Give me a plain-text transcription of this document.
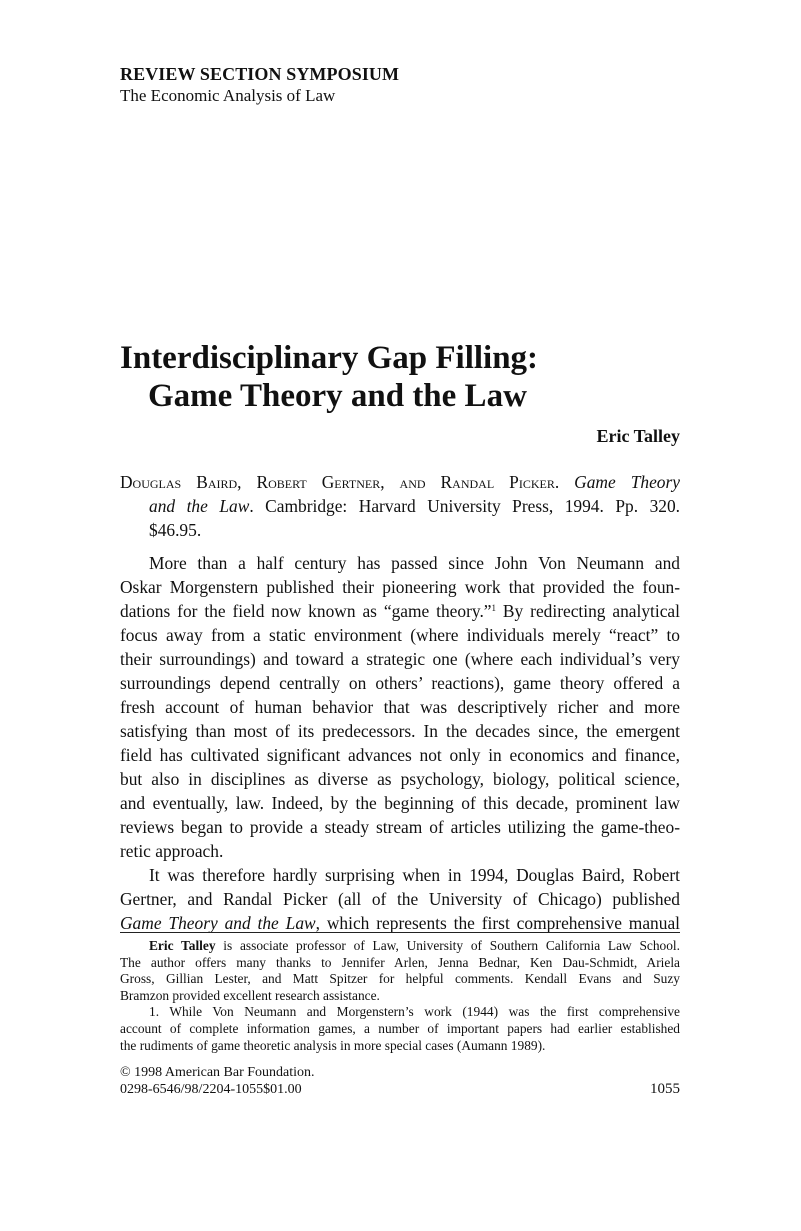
REVIEW SECTION SYMPOSIUM
The Economic Analysis of Law
Interdisciplinary Gap Filling:
Game Theory and the Law
Eric Talley
Douglas Baird, Robert Gertner, and Randal Picker. Game Theory
and the Law. Cambridge: Harvard University Press, 1994. Pp. 320.
$46.95.
More than a half century has passed since John Von Neumann and
Oskar Morgenstern published their pioneering work that provided the foun-
dations for the field now known as “game theory.”$^1$ By redirecting analytical
focus away from a static environment (where individuals merely “react” to
their surroundings) and toward a strategic one (where each individual’s very
surroundings depend centrally on others’ reactions), game theory offered a
fresh account of human behavior that was descriptively richer and more
satisfying than most of its predecessors. In the decades since, the emergent
field has cultivated significant advances not only in economics and finance,
but also in disciplines as diverse as psychology, biology, political science,
and eventually, law. Indeed, by the beginning of this decade, prominent law
reviews began to provide a steady stream of articles utilizing the game-theo-
retic approach.
It was therefore hardly surprising when in 1994, Douglas Baird, Robert
Gertner, and Randal Picker (all of the University of Chicago) published
Game Theory and the Law, which represents the first comprehensive manual
Eric Talley is associate professor of Law, University of Southern California Law School.
The author offers many thanks to Jennifer Arlen, Jenna Bednar, Ken Dau-Schmidt, Ariela
Gross, Gillian Lester, and Matt Spitzer for helpful comments. Kendall Evans and Suzy
Bramzon provided excellent research assistance.
1. While Von Neumann and Morgenstern’s work (1944) was the first comprehensive
account of complete information games, a number of important papers had earlier established
the rudiments of game theoretic analysis in more special cases (Aumann 1989).
© 1998 American Bar Foundation.
0298-6546/98/2204-1055$01.00	1055
